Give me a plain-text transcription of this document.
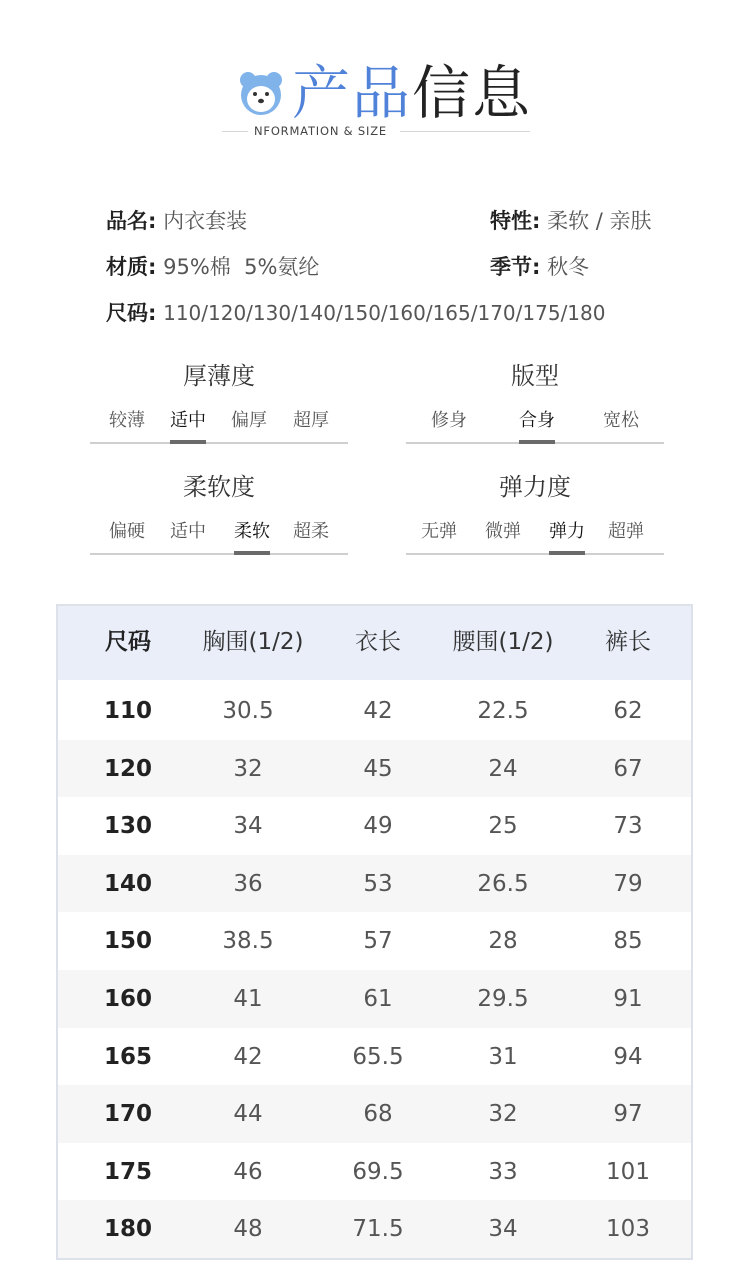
产品信息
NFORMATION & SIZE
品名: 内衣套装	特性: 柔软 / 亲肤
材质: 95%棉  5%氨纶	季节: 秋冬
尺码: 110/120/130/140/150/160/165/170/175/180
厚薄度
较薄	适中	偏厚	超厚
版型
修身	合身	宽松
柔软度
偏硬	适中	柔软	超柔
弹力度
无弹	微弹	弹力	超弹
尺码	胸围(1/2)	衣长	腰围(1/2)	裤长
110	30.5	42	22.5	62
120	32	45	24	67
130	34	49	25	73
140	36	53	26.5	79
150	38.5	57	28	85
160	41	61	29.5	91
165	42	65.5	31	94
170	44	68	32	97
175	46	69.5	33	101
180	48	71.5	34	103
